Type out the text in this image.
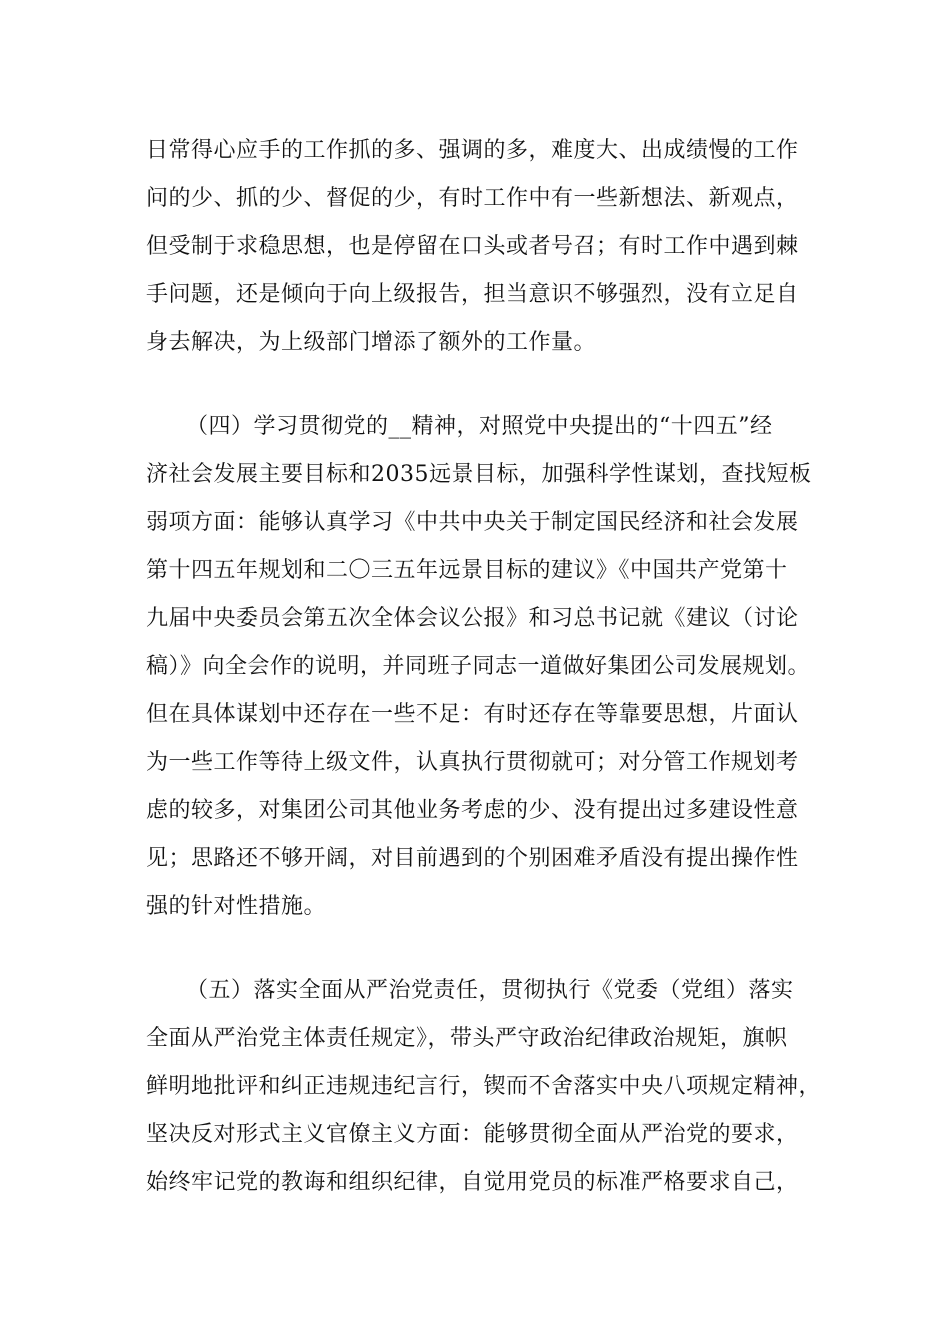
日常得心应手的工作抓的多、强调的多，难度大、出成绩慢的工作
问的少、抓的少、督促的少，有时工作中有一些新想法、新观点，
但受制于求稳思想，也是停留在口头或者号召；有时工作中遇到棘
手问题，还是倾向于向上级报告，担当意识不够强烈，没有立足自
身去解决，为上级部门增添了额外的工作量。
（四）学习贯彻党的__精神，对照党中央提出的“十四五”经
济社会发展主要目标和2035远景目标，加强科学性谋划，查找短板
弱项方面：能够认真学习《中共中央关于制定国民经济和社会发展
第十四五年规划和二〇三五年远景目标的建议》《中国共产党第十
九届中央委员会第五次全体会议公报》和习总书记就《建议（讨论
稿）》向全会作的说明，并同班子同志一道做好集团公司发展规划。
但在具体谋划中还存在一些不足：有时还存在等靠要思想，片面认
为一些工作等待上级文件，认真执行贯彻就可；对分管工作规划考
虑的较多，对集团公司其他业务考虑的少、没有提出过多建设性意
见；思路还不够开阔，对目前遇到的个别困难矛盾没有提出操作性
强的针对性措施。
（五）落实全面从严治党责任，贯彻执行《党委（党组）落实
全面从严治党主体责任规定》，带头严守政治纪律政治规矩，旗帜
鲜明地批评和纠正违规违纪言行，锲而不舍落实中央八项规定精神，
坚决反对形式主义官僚主义方面：能够贯彻全面从严治党的要求，
始终牢记党的教诲和组织纪律，自觉用党员的标准严格要求自己，
